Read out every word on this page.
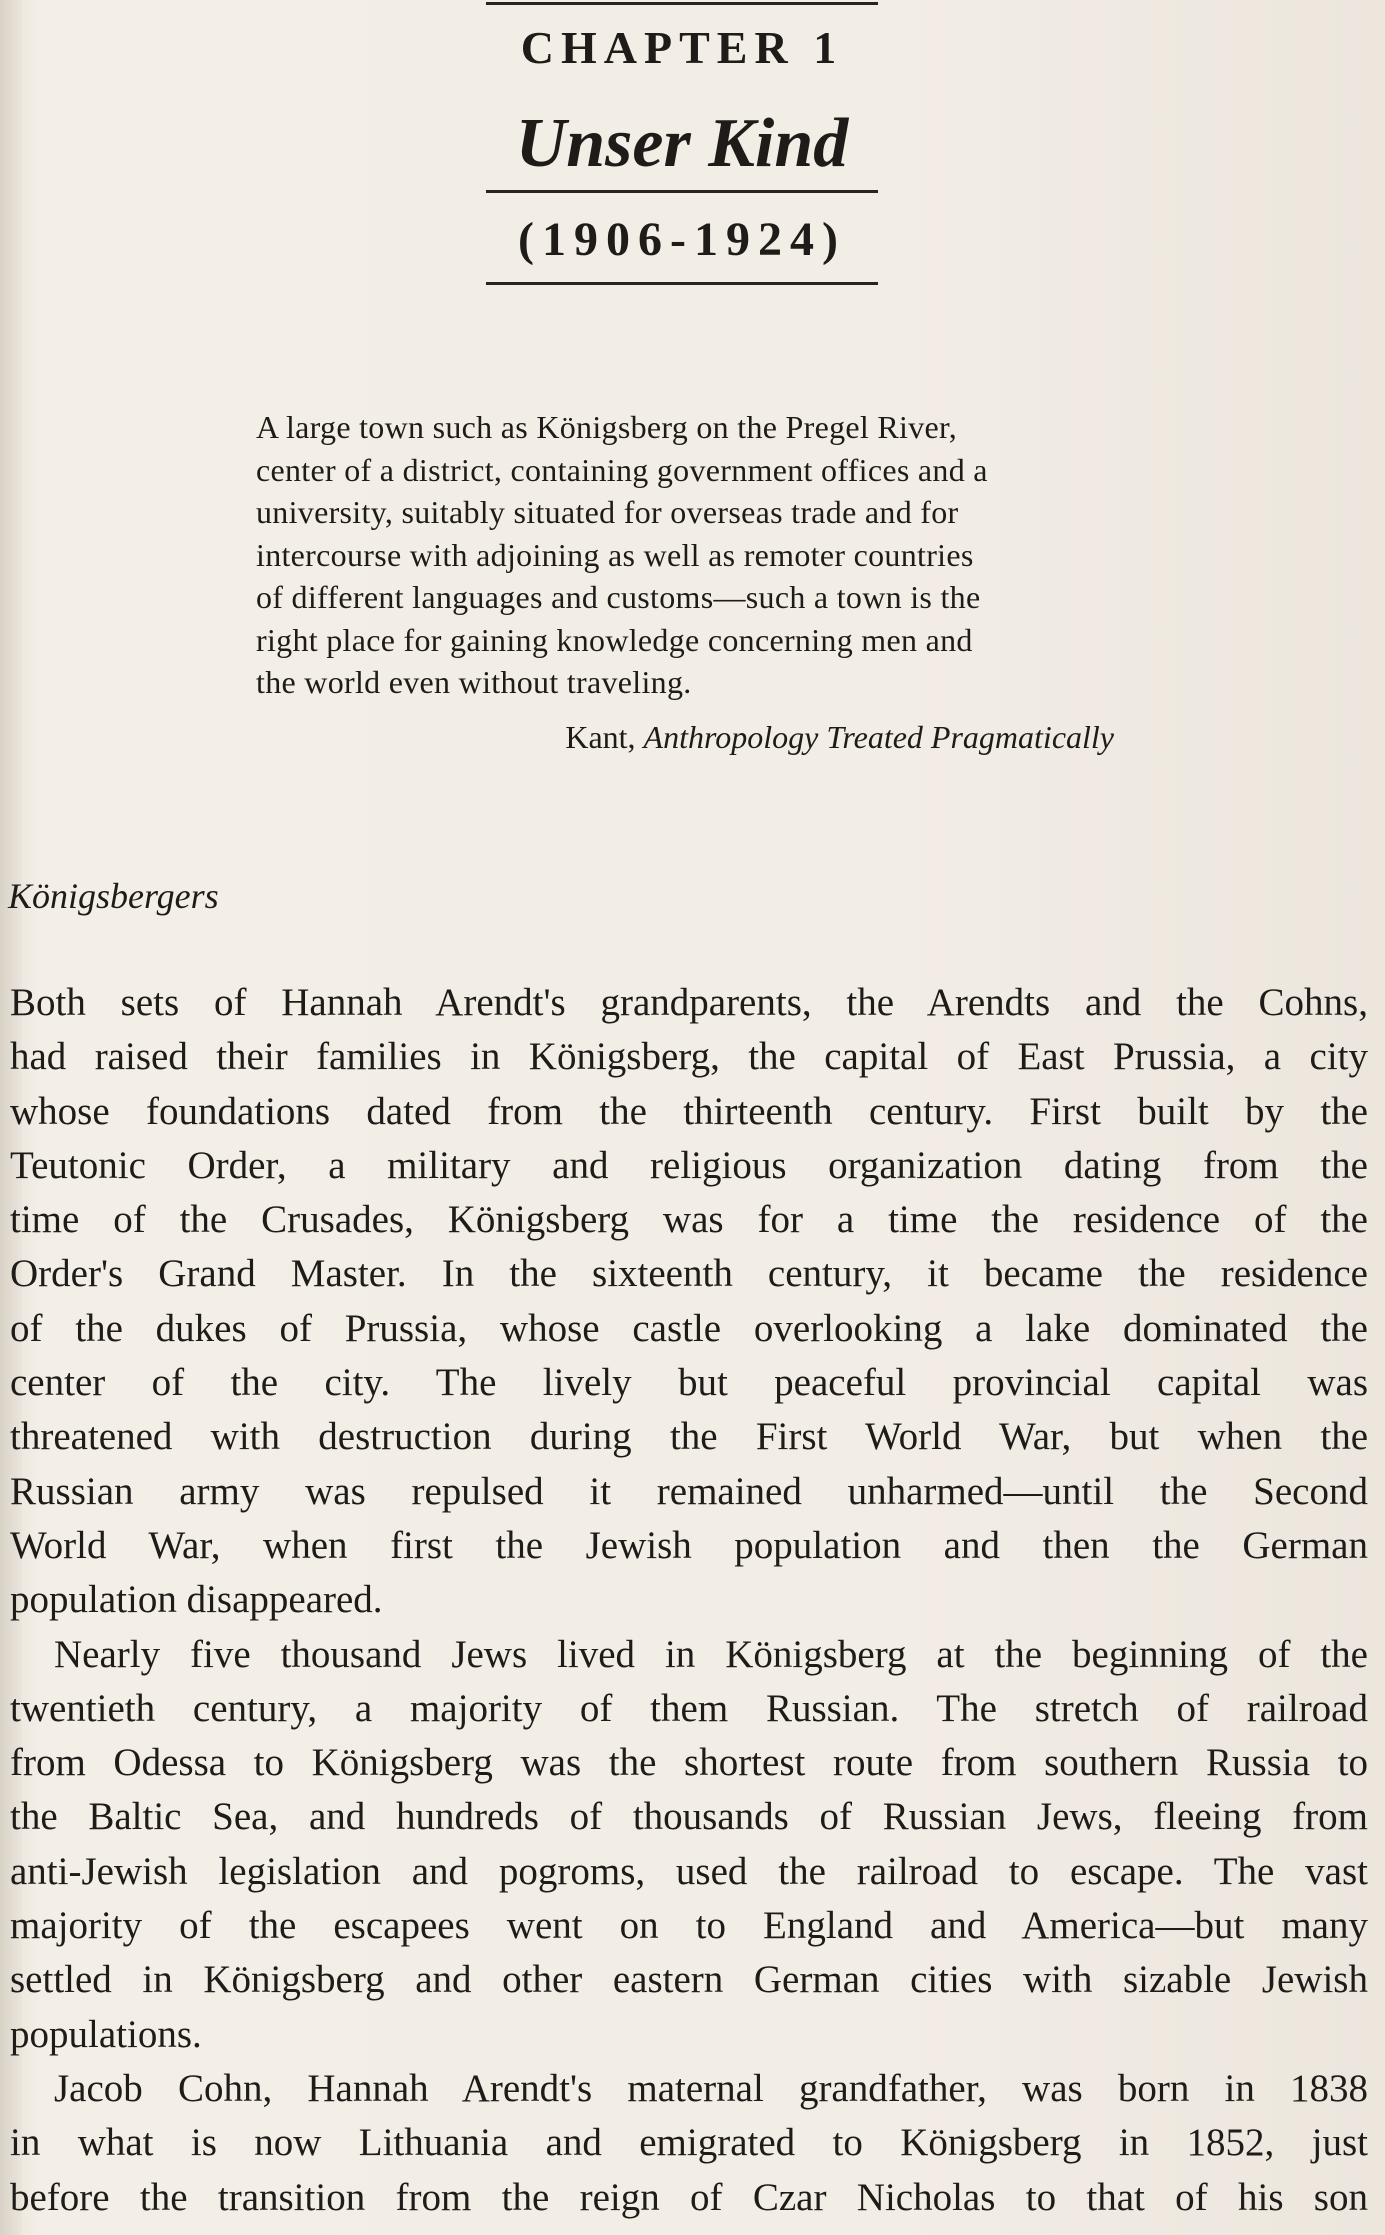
CHAPTER 1
Unser Kind
(1906-1924)
A large town such as Königsberg on the Pregel River,
center of a district, containing government offices and a
university, suitably situated for overseas trade and for
intercourse with adjoining as well as remoter countries
of different languages and customs—such a town is the
right place for gaining knowledge concerning men and
the world even without traveling.
Kant, Anthropology Treated Pragmatically
Königsbergers
Both sets of Hannah Arendt's grandparents, the Arendts and the Cohns,
had raised their families in Königsberg, the capital of East Prussia, a city
whose foundations dated from the thirteenth century. First built by the
Teutonic Order, a military and religious organization dating from the
time of the Crusades, Königsberg was for a time the residence of the
Order's Grand Master. In the sixteenth century, it became the residence
of the dukes of Prussia, whose castle overlooking a lake dominated the
center of the city. The lively but peaceful provincial capital was
threatened with destruction during the First World War, but when the
Russian army was repulsed it remained unharmed—until the Second
World War, when first the Jewish population and then the German
population disappeared.
Nearly five thousand Jews lived in Königsberg at the beginning of the
twentieth century, a majority of them Russian. The stretch of railroad
from Odessa to Königsberg was the shortest route from southern Russia to
the Baltic Sea, and hundreds of thousands of Russian Jews, fleeing from
anti-Jewish legislation and pogroms, used the railroad to escape. The vast
majority of the escapees went on to England and America—but many
settled in Königsberg and other eastern German cities with sizable Jewish
populations.
Jacob Cohn, Hannah Arendt's maternal grandfather, was born in 1838
in what is now Lithuania and emigrated to Königsberg in 1852, just
before the transition from the reign of Czar Nicholas to that of his son
